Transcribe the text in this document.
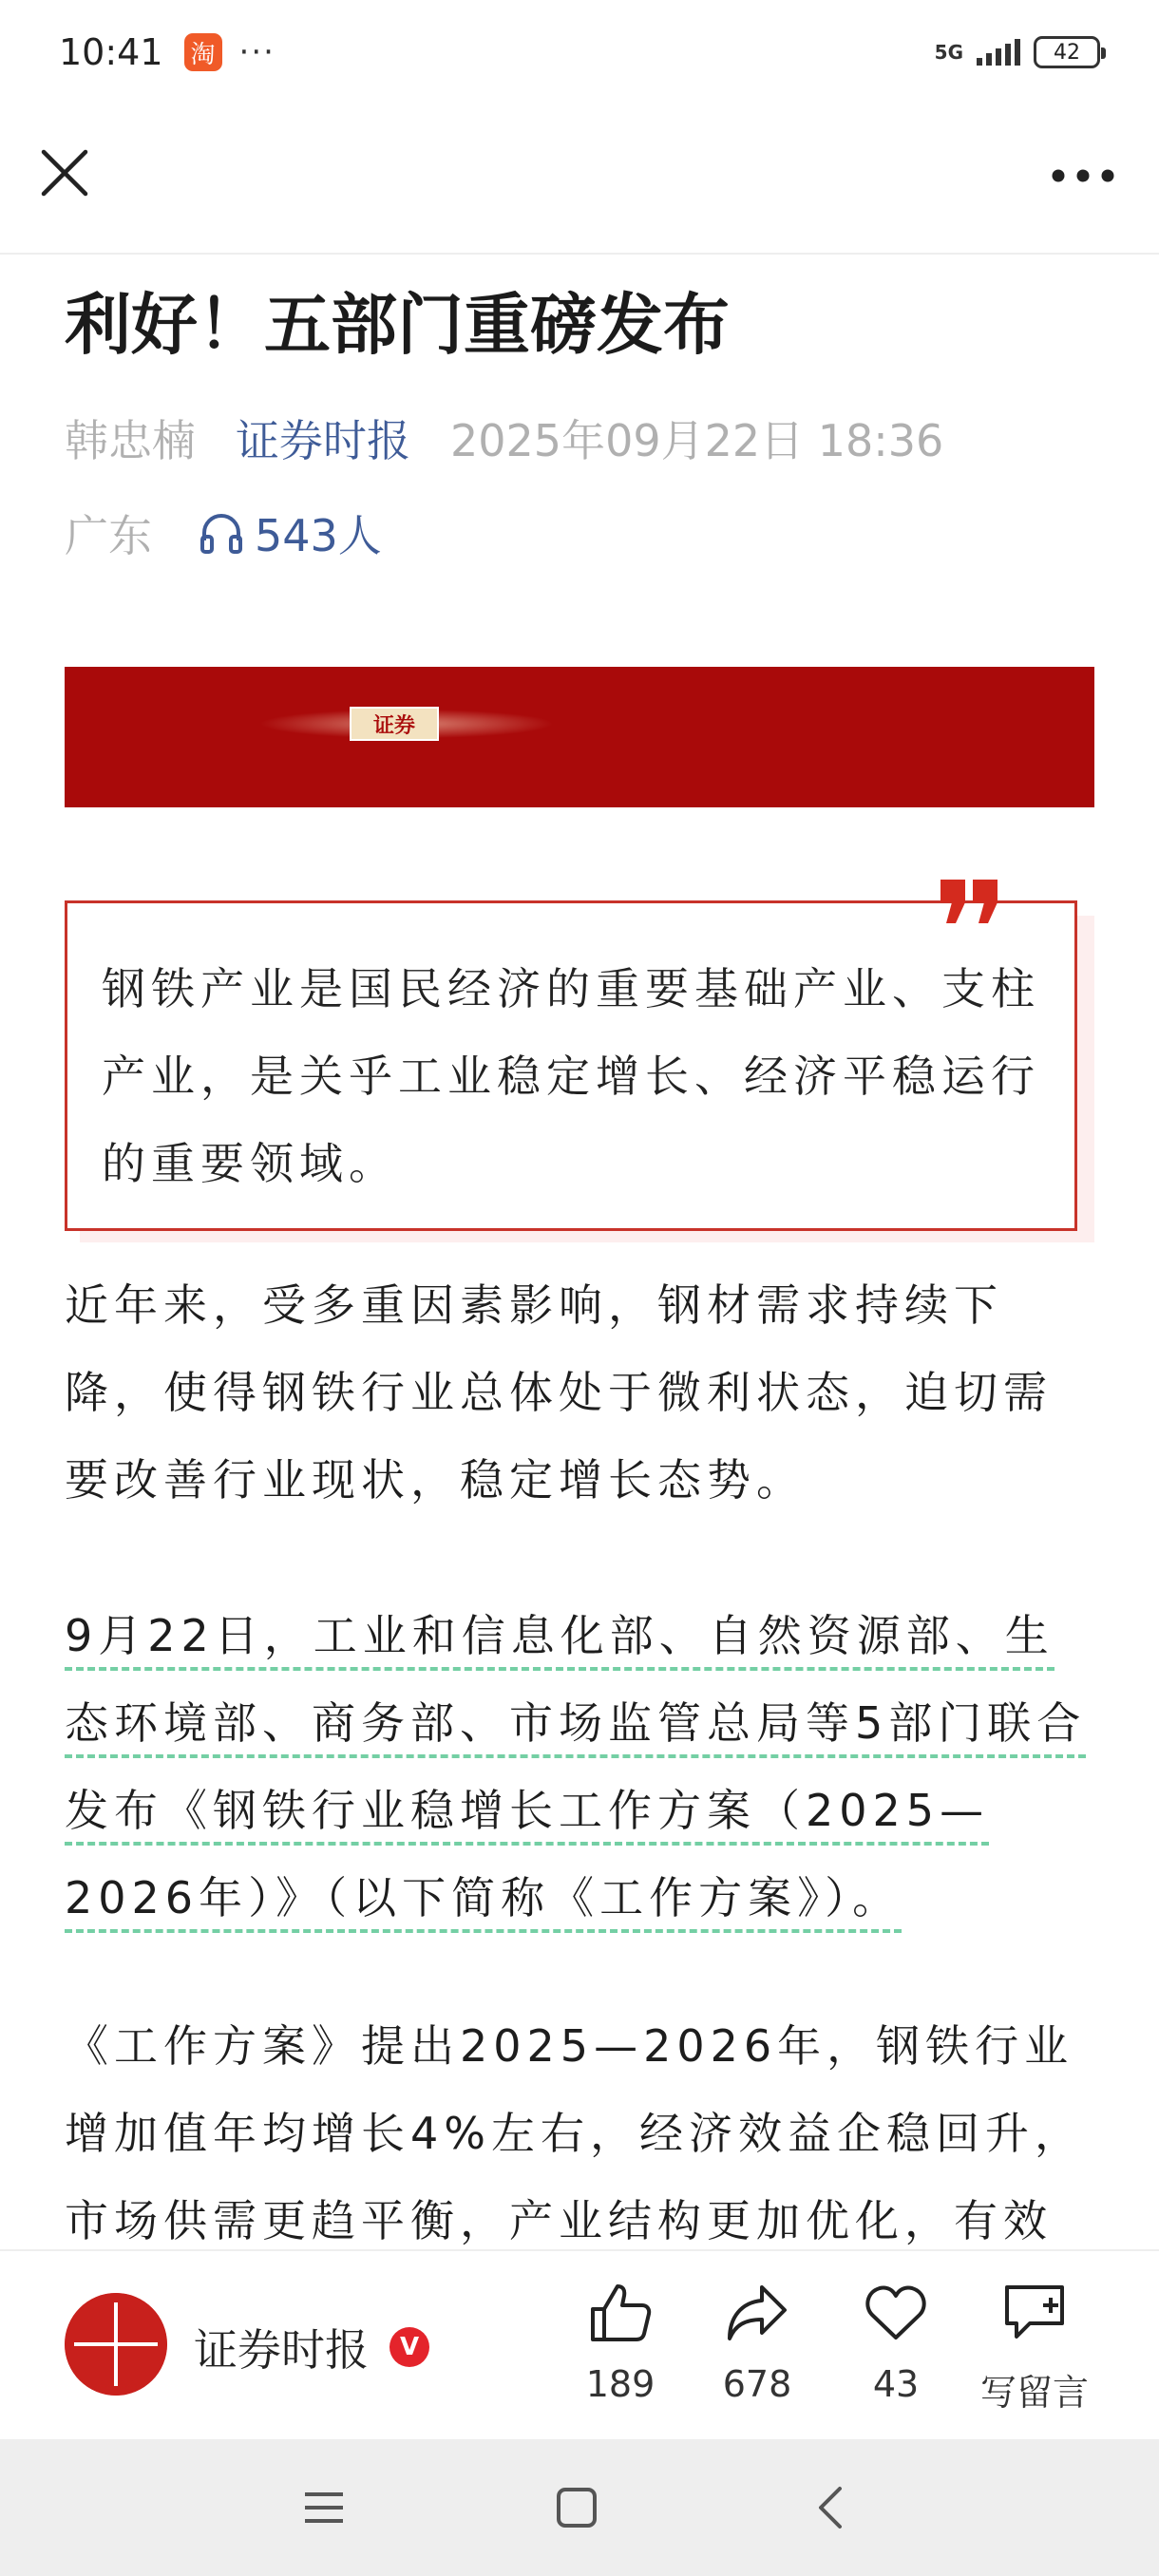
10:41 淘 ···	5G	42
利好！五部门重磅发布
韩忠楠 证券时报 2025年09月22日 18:36
广东 543人
证券

钢铁产业是国民经济的重要基础产业、支柱产业，是关乎工业稳定增长、经济平稳运行的重要领域。

近年来，受多重因素影响，钢材需求持续下降，使得钢铁行业总体处于微利状态，迫切需要改善行业现状，稳定增长态势。

9月22日，工业和信息化部、自然资源部、生态环境部、商务部、市场监管总局等5部门联合发布《钢铁行业稳增长工作方案（2025—2026年）》（以下简称《工作方案》）。

《工作方案》提出2025—2026年，钢铁行业增加值年均增长4%左右，经济效益企稳回升，市场供需更趋平衡，产业结构更加优化，有效

证券时报	V
189 678 43 写留言
